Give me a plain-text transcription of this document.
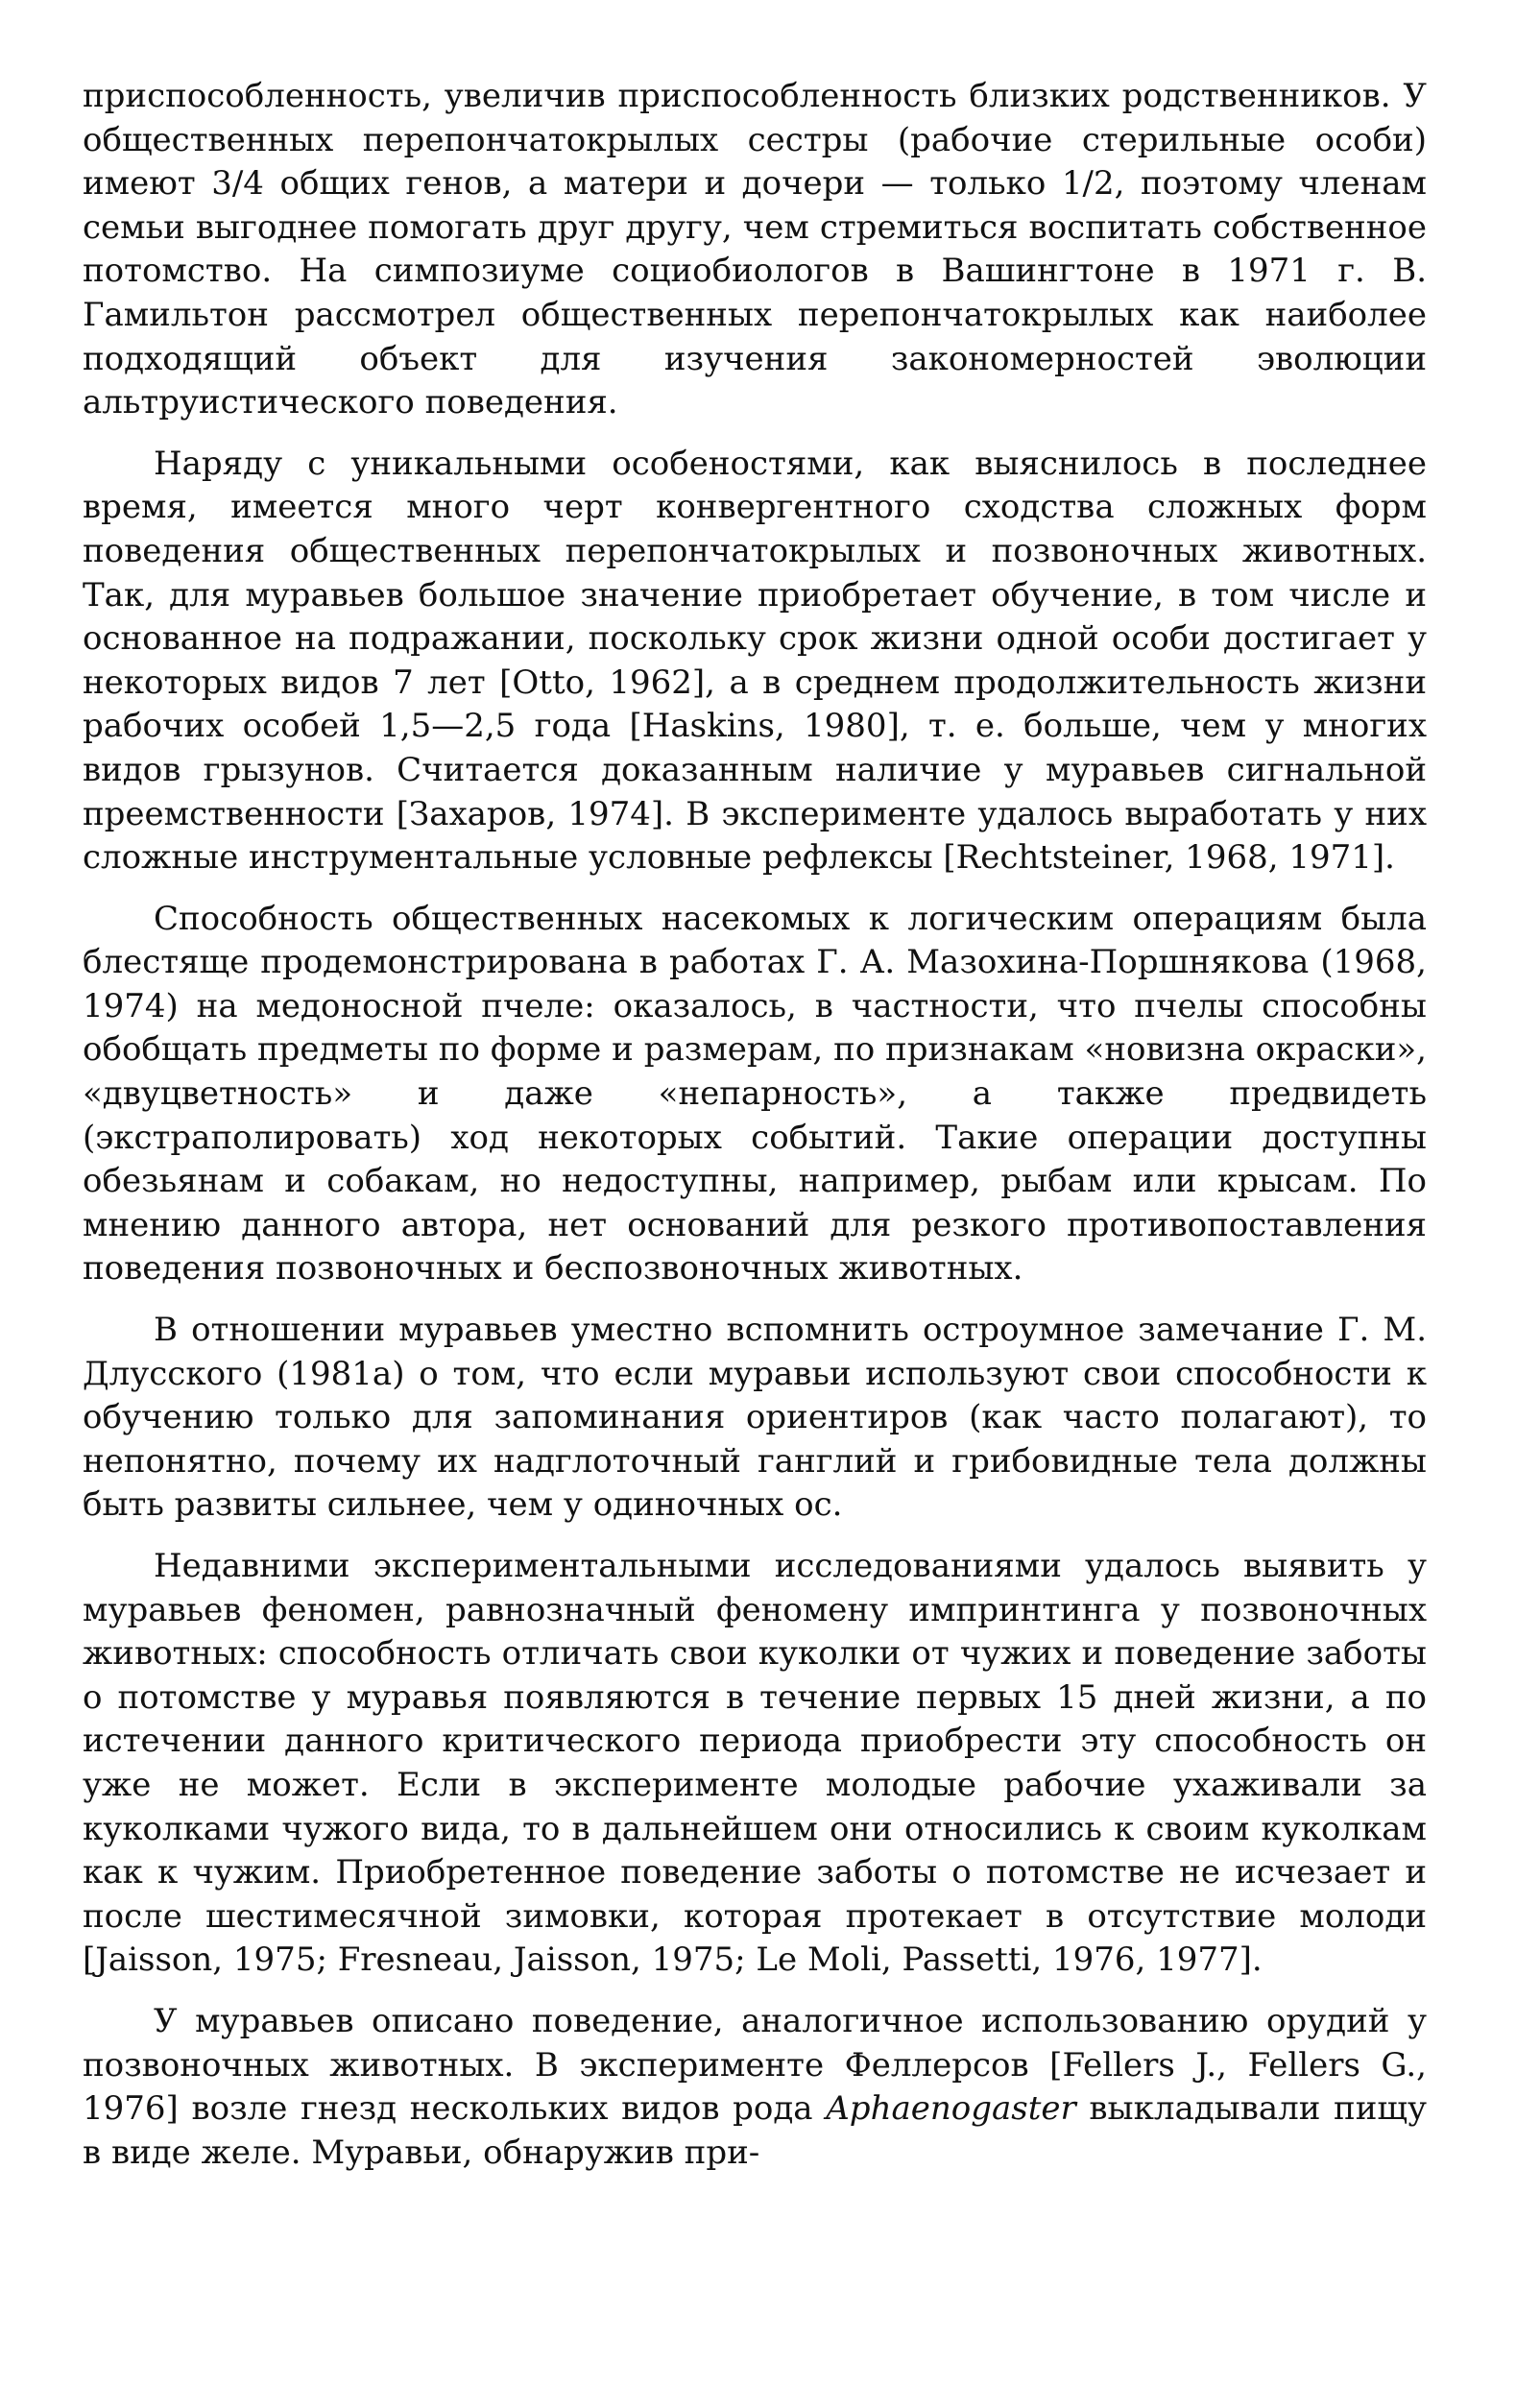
приспособленность, увеличив приспособленность близких родственников. У общественных перепончатокрылых сестры (рабочие стерильные особи) имеют 3/4 общих генов, а матери и дочери — только 1/2, поэтому членам семьи выгоднее помогать друг другу, чем стремиться воспитать собственное потомство. На симпозиуме социобиологов в Вашингтоне в 1971 г. В. Гамильтон рассмотрел общественных перепончатокрылых как наиболее подходящий объект для изучения закономерностей эволюции альтруистического поведения.

Наряду с уникальными особеностями, как выяснилось в последнее время, имеется много черт конвергентного сходства сложных форм поведения общественных перепончатокрылых и позвоночных животных. Так, для муравьев большое значение приобретает обучение, в том числе и основанное на подражании, поскольку срок жизни одной особи достигает у некоторых видов 7 лет [Otto, 1962], а в среднем продолжительность жизни рабочих особей 1,5—2,5 года [Haskins, 1980], т. е. больше, чем у многих видов грызунов. Считается доказанным наличие у муравьев сигнальной преемственности [Захаров, 1974]. В эксперименте удалось выработать у них сложные инструментальные условные рефлексы [Rechtsteiner, 1968, 1971].

Способность общественных насекомых к логическим операциям была блестяще продемонстрирована в работах Г. А. Мазохина-Поршнякова (1968, 1974) на медоносной пчеле: оказалось, в частности, что пчелы способны обобщать предметы по форме и размерам, по признакам «новизна окраски», «двуцветность» и даже «непарность», а также предвидеть (экстраполировать) ход некоторых событий. Такие операции доступны обезьянам и собакам, но недоступны, например, рыбам или крысам. По мнению данного автора, нет оснований для резкого противопоставления поведения позвоночных и беспозвоночных животных.

В отношении муравьев уместно вспомнить остроумное замечание Г. М. Длусского (1981а) о том, что если муравьи используют свои способности к обучению только для запоминания ориентиров (как часто полагают), то непонятно, почему их надглоточный ганглий и грибовидные тела должны быть развиты сильнее, чем у одиночных ос.

Недавними экспериментальными исследованиями удалось выявить у муравьев феномен, равнозначный феномену импринтинга у позвоночных животных: способность отличать свои куколки от чужих и поведение заботы о потомстве у муравья появляются в течение первых 15 дней жизни, а по истечении данного критического периода приобрести эту способность он уже не может. Если в эксперименте молодые рабочие ухаживали за куколками чужого вида, то в дальнейшем они относились к своим куколкам как к чужим. Приобретенное поведение заботы о потомстве не исчезает и после шестимесячной зимовки, которая протекает в отсутствие молоди [Jaisson, 1975; Fresneau, Jaisson, 1975; Le Moli, Passetti, 1976, 1977].

У муравьев описано поведение, аналогичное использованию орудий у позвоночных животных. В эксперименте Феллерсов [Fellers J., Fellers G., 1976] возле гнезд нескольких видов рода Aphaenogaster выкладывали пищу в виде желе. Муравьи, обнаружив при-
